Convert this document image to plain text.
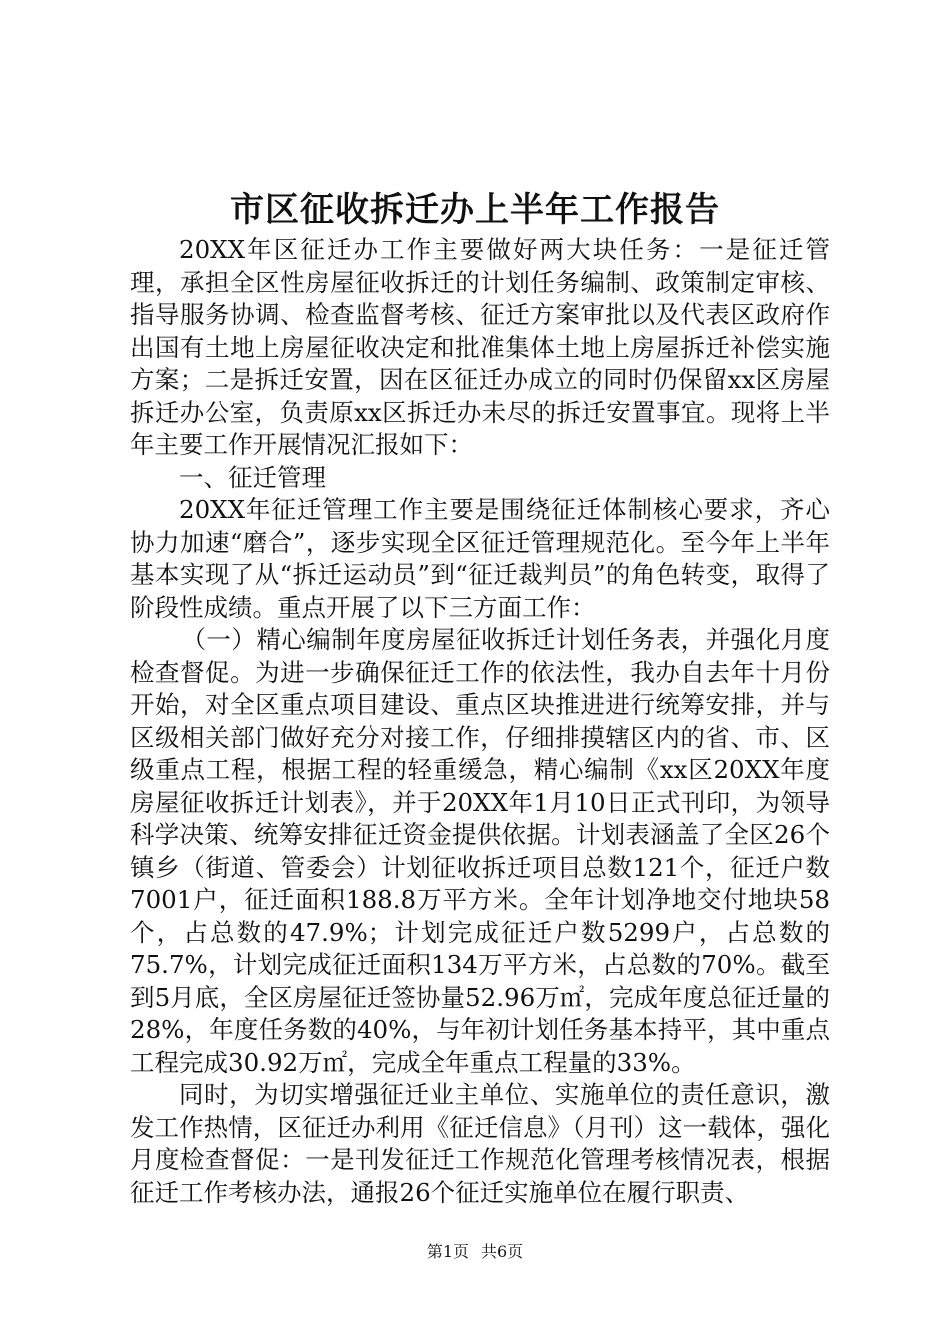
市区征收拆迁办上半年工作报告

20XX年区征迁办工作主要做好两大块任务：一是征迁管理，承担全区性房屋征收拆迁的计划任务编制、政策制定审核、指导服务协调、检查监督考核、征迁方案审批以及代表区政府作出国有土地上房屋征收决定和批准集体土地上房屋拆迁补偿实施方案；二是拆迁安置，因在区征迁办成立的同时仍保留xx区房屋拆迁办公室，负责原xx区拆迁办未尽的拆迁安置事宜。现将上半年主要工作开展情况汇报如下：

一、征迁管理

20XX年征迁管理工作主要是围绕征迁体制核心要求，齐心协力加速“磨合”，逐步实现全区征迁管理规范化。至今年上半年基本实现了从“拆迁运动员”到“征迁裁判员”的角色转变，取得了阶段性成绩。重点开展了以下三方面工作：

（一）精心编制年度房屋征收拆迁计划任务表，并强化月度检查督促。为进一步确保征迁工作的依法性，我办自去年十月份开始，对全区重点项目建设、重点区块推进进行统筹安排，并与区级相关部门做好充分对接工作，仔细排摸辖区内的省、市、区级重点工程，根据工程的轻重缓急，精心编制《xx区20XX年度房屋征收拆迁计划表》，并于20XX年1月10日正式刊印，为领导科学决策、统筹安排征迁资金提供依据。计划表涵盖了全区26个镇乡（街道、管委会）计划征收拆迁项目总数121个，征迁户数7001户，征迁面积188.8万平方米。全年计划净地交付地块58个，占总数的47.9%；计划完成征迁户数5299户，占总数的75.7%，计划完成征迁面积134万平方米，占总数的70%。截至到5月底，全区房屋征迁签协量52.96万㎡，完成年度总征迁量的28%，年度任务数的40%，与年初计划任务基本持平，其中重点工程完成30.92万㎡，完成全年重点工程量的33%。

同时，为切实增强征迁业主单位、实施单位的责任意识，激发工作热情，区征迁办利用《征迁信息》（月刊）这一载体，强化月度检查督促：一是刊发征迁工作规范化管理考核情况表，根据征迁工作考核办法，通报26个征迁实施单位在履行职责、

第1页 共6页
